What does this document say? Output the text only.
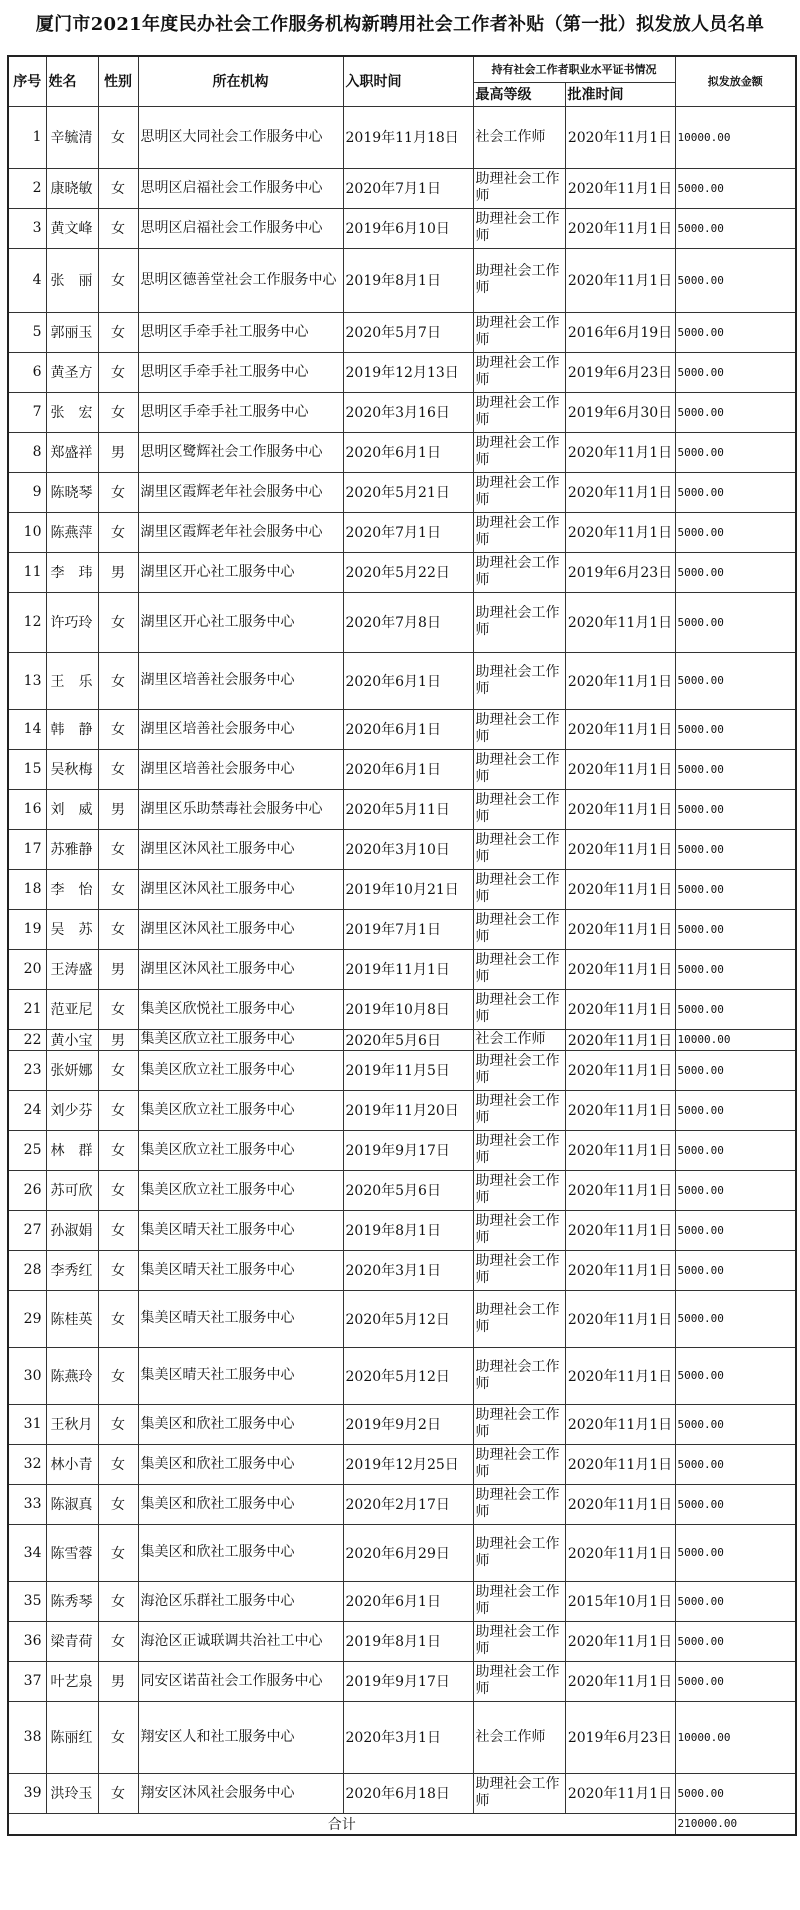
厦门市2021年度民办社会工作服务机构新聘用社会工作者补贴（第一批）拟发放人员名单
序号	姓名	性别	所在机构	入职时间	持有社会工作者职业水平证书情况		拟发放金额
					最高等级	批准时间	
1	辛毓清	女	思明区大同社会工作服务中心	2019年11月18日	社会工作师	2020年11月1日	10000.00
2	康晓敏	女	思明区启福社会工作服务中心	2020年7月1日	助理社会工作师	2020年11月1日	5000.00
3	黄文峰	女	思明区启福社会工作服务中心	2019年6月10日	助理社会工作师	2020年11月1日	5000.00
4	张　丽	女	思明区德善堂社会工作服务中心	2019年8月1日	助理社会工作师	2020年11月1日	5000.00
5	郭丽玉	女	思明区手牵手社工服务中心	2020年5月7日	助理社会工作师	2016年6月19日	5000.00
6	黄圣方	女	思明区手牵手社工服务中心	2019年12月13日	助理社会工作师	2019年6月23日	5000.00
7	张　宏	女	思明区手牵手社工服务中心	2020年3月16日	助理社会工作师	2019年6月30日	5000.00
8	郑盛祥	男	思明区鹭辉社会工作服务中心	2020年6月1日	助理社会工作师	2020年11月1日	5000.00
9	陈晓琴	女	湖里区霞辉老年社会服务中心	2020年5月21日	助理社会工作师	2020年11月1日	5000.00
10	陈燕萍	女	湖里区霞辉老年社会服务中心	2020年7月1日	助理社会工作师	2020年11月1日	5000.00
11	李　玮	男	湖里区开心社工服务中心	2020年5月22日	助理社会工作师	2019年6月23日	5000.00
12	许巧玲	女	湖里区开心社工服务中心	2020年7月8日	助理社会工作师	2020年11月1日	5000.00
13	王　乐	女	湖里区培善社会服务中心	2020年6月1日	助理社会工作师	2020年11月1日	5000.00
14	韩　静	女	湖里区培善社会服务中心	2020年6月1日	助理社会工作师	2020年11月1日	5000.00
15	吴秋梅	女	湖里区培善社会服务中心	2020年6月1日	助理社会工作师	2020年11月1日	5000.00
16	刘　威	男	湖里区乐助禁毒社会服务中心	2020年5月11日	助理社会工作师	2020年11月1日	5000.00
17	苏雅静	女	湖里区沐风社工服务中心	2020年3月10日	助理社会工作师	2020年11月1日	5000.00
18	李　怡	女	湖里区沐风社工服务中心	2019年10月21日	助理社会工作师	2020年11月1日	5000.00
19	吴　苏	女	湖里区沐风社工服务中心	2019年7月1日	助理社会工作师	2020年11月1日	5000.00
20	王涛盛	男	湖里区沐风社工服务中心	2019年11月1日	助理社会工作师	2020年11月1日	5000.00
21	范亚尼	女	集美区欣悦社工服务中心	2019年10月8日	助理社会工作师	2020年11月1日	5000.00
22	黄小宝	男	集美区欣立社工服务中心	2020年5月6日	社会工作师	2020年11月1日	10000.00
23	张妍娜	女	集美区欣立社工服务中心	2019年11月5日	助理社会工作师	2020年11月1日	5000.00
24	刘少芬	女	集美区欣立社工服务中心	2019年11月20日	助理社会工作师	2020年11月1日	5000.00
25	林　群	女	集美区欣立社工服务中心	2019年9月17日	助理社会工作师	2020年11月1日	5000.00
26	苏可欣	女	集美区欣立社工服务中心	2020年5月6日	助理社会工作师	2020年11月1日	5000.00
27	孙淑娟	女	集美区晴天社工服务中心	2019年8月1日	助理社会工作师	2020年11月1日	5000.00
28	李秀红	女	集美区晴天社工服务中心	2020年3月1日	助理社会工作师	2020年11月1日	5000.00
29	陈桂英	女	集美区晴天社工服务中心	2020年5月12日	助理社会工作师	2020年11月1日	5000.00
30	陈燕玲	女	集美区晴天社工服务中心	2020年5月12日	助理社会工作师	2020年11月1日	5000.00
31	王秋月	女	集美区和欣社工服务中心	2019年9月2日	助理社会工作师	2020年11月1日	5000.00
32	林小青	女	集美区和欣社工服务中心	2019年12月25日	助理社会工作师	2020年11月1日	5000.00
33	陈淑真	女	集美区和欣社工服务中心	2020年2月17日	助理社会工作师	2020年11月1日	5000.00
34	陈雪蓉	女	集美区和欣社工服务中心	2020年6月29日	助理社会工作师	2020年11月1日	5000.00
35	陈秀琴	女	海沧区乐群社工服务中心	2020年6月1日	助理社会工作师	2015年10月1日	5000.00
36	梁青荷	女	海沧区正诚联调共治社工中心	2019年8月1日	助理社会工作师	2020年11月1日	5000.00
37	叶艺泉	男	同安区诺苗社会工作服务中心	2019年9月17日	助理社会工作师	2020年11月1日	5000.00
38	陈丽红	女	翔安区人和社工服务中心	2020年3月1日	社会工作师	2019年6月23日	10000.00
39	洪玲玉	女	翔安区沐风社会服务中心	2020年6月18日	助理社会工作师	2020年11月1日	5000.00
合计							210000.00
